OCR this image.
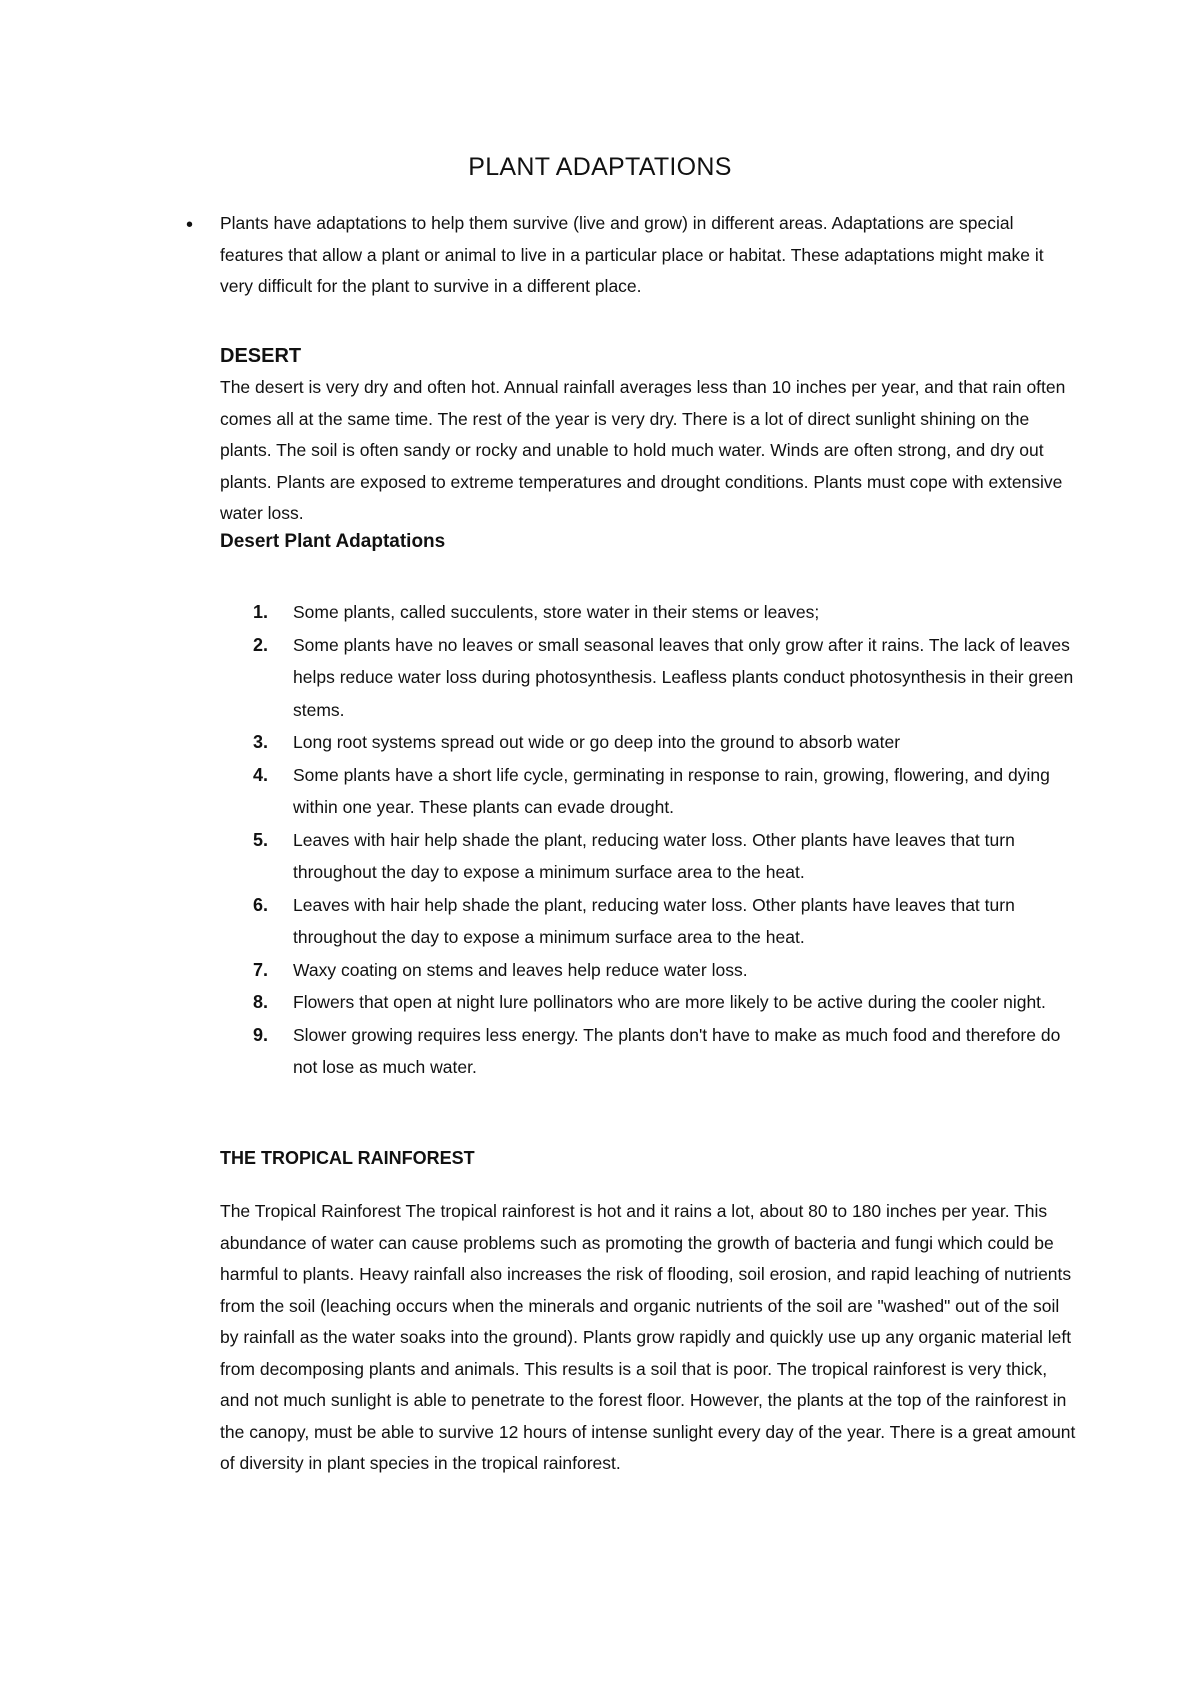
PLANT ADAPTATIONS
• Plants have adaptations to help them survive (live and grow) in different areas. Adaptations are special features that allow a plant or animal to live in a particular place or habitat. These adaptations might make it very difficult for the plant to survive in a different place.

DESERT

The desert is very dry and often hot. Annual rainfall averages less than 10 inches per year, and that rain often comes all at the same time. The rest of the year is very dry. There is a lot of direct sunlight shining on the plants. The soil is often sandy or rocky and unable to hold much water. Winds are often strong, and dry out plants. Plants are exposed to extreme temperatures and drought conditions. Plants must cope with extensive water loss.

Desert Plant Adaptations
1. Some plants, called succulents, store water in their stems or leaves;
2. Some plants have no leaves or small seasonal leaves that only grow after it rains. The lack of leaves helps reduce water loss during photosynthesis. Leafless plants conduct photosynthesis in their green stems.
3. Long root systems spread out wide or go deep into the ground to absorb water
4. Some plants have a short life cycle, germinating in response to rain, growing, flowering, and dying within one year. These plants can evade drought.
5. Leaves with hair help shade the plant, reducing water loss. Other plants have leaves that turn throughout the day to expose a minimum surface area to the heat.
6. Leaves with hair help shade the plant, reducing water loss. Other plants have leaves that turn throughout the day to expose a minimum surface area to the heat.
7. Waxy coating on stems and leaves help reduce water loss.
8. Flowers that open at night lure pollinators who are more likely to be active during the cooler night.
9. Slower growing requires less energy. The plants don't have to make as much food and therefore do not lose as much water.
THE TROPICAL RAINFOREST

The Tropical Rainforest The tropical rainforest is hot and it rains a lot, about 80 to 180 inches per year. This abundance of water can cause problems such as promoting the growth of bacteria and fungi which could be harmful to plants. Heavy rainfall also increases the risk of flooding, soil erosion, and rapid leaching of nutrients from the soil (leaching occurs when the minerals and organic nutrients of the soil are "washed" out of the soil by rainfall as the water soaks into the ground). Plants grow rapidly and quickly use up any organic material left from decomposing plants and animals. This results is a soil that is poor. The tropical rainforest is very thick, and not much sunlight is able to penetrate to the forest floor. However, the plants at the top of the rainforest in the canopy, must be able to survive 12 hours of intense sunlight every day of the year. There is a great amount of diversity in plant species in the tropical rainforest.
